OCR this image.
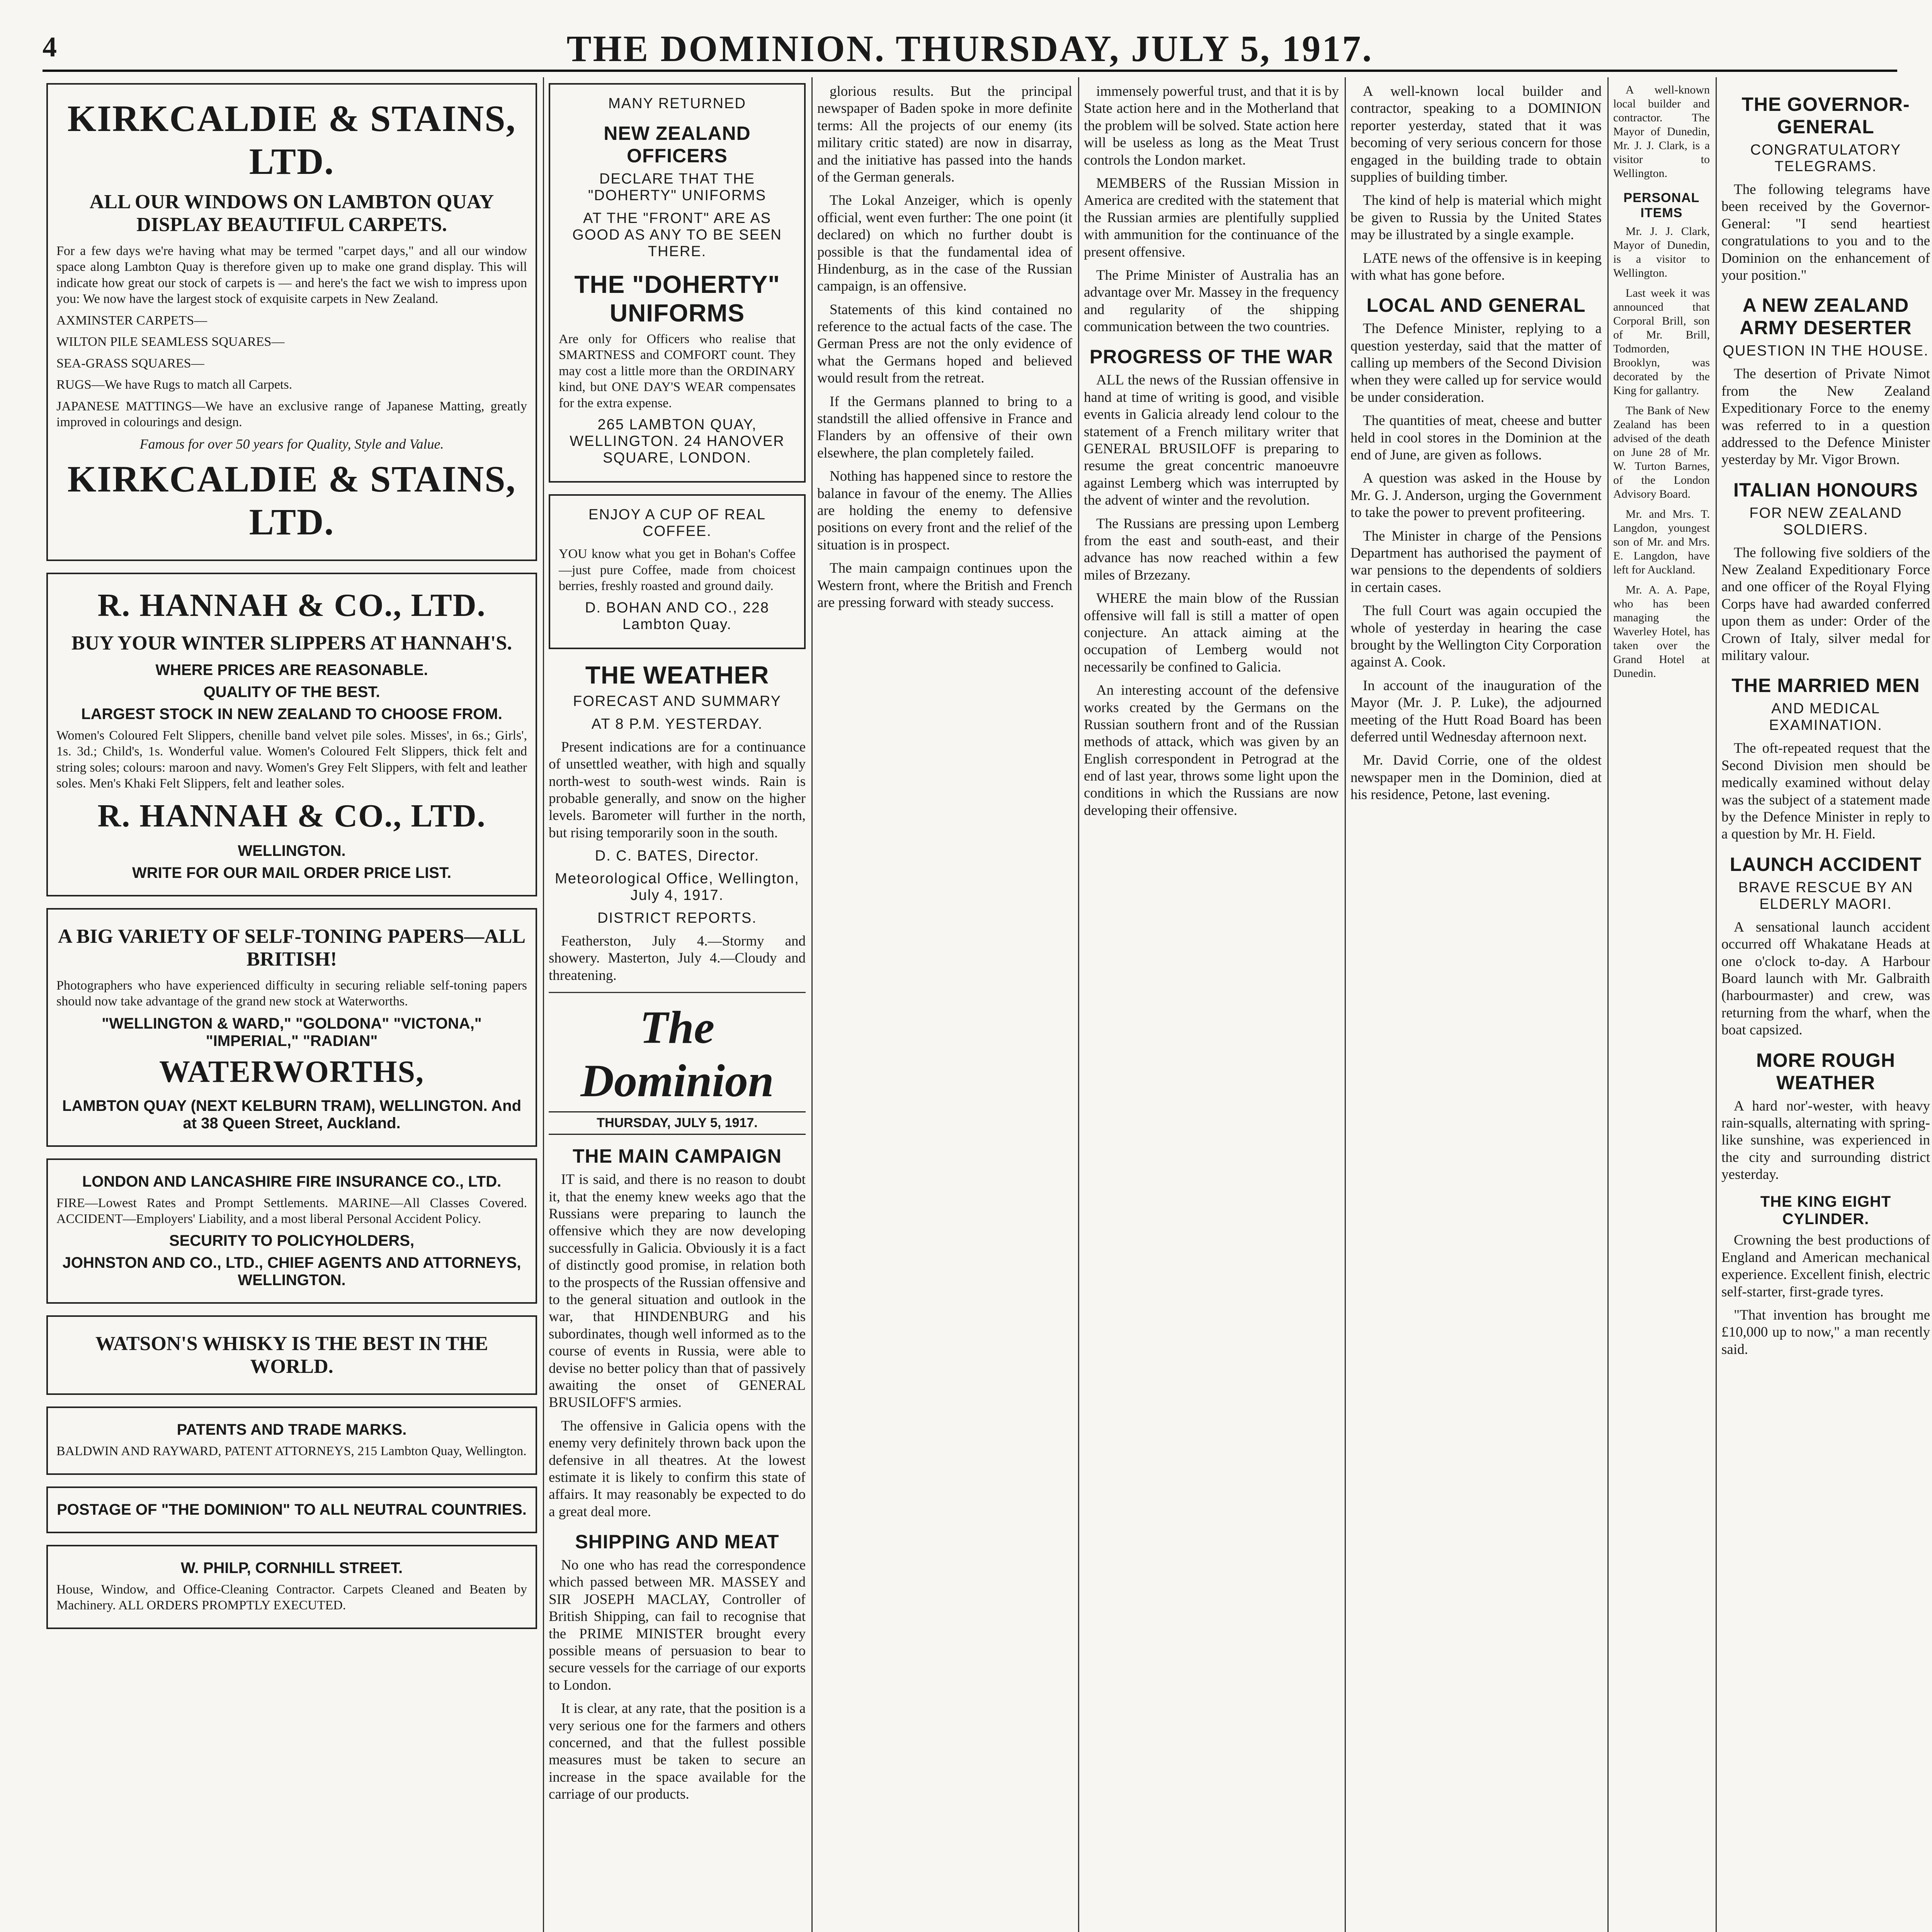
4	THE DOMINION. THURSDAY, JULY 5, 1917.
KIRKCALDIE & STAINS, LTD.
ALL OUR WINDOWS ON LAMBTON QUAY DISPLAY BEAUTIFUL CARPETS.

For a few days we're having what may be termed "carpet days," and all our window space along Lambton Quay is therefore given up to make one grand display. This will indicate how great our stock of carpets is — and here's the fact we wish to impress upon you: We now have the largest stock of exquisite carpets in New Zealand.

AXMINSTER CARPETS—

WILTON PILE SEAMLESS SQUARES—

SEA-GRASS SQUARES—

RUGS—We have Rugs to match all Carpets.

JAPANESE MATTINGS—We have an exclusive range of Japanese Matting, greatly improved in colourings and design.

Famous for over 50 years for Quality, Style and Value.
KIRKCALDIE & STAINS, LTD.
R. HANNAH & CO., LTD.
BUY YOUR WINTER SLIPPERS AT HANNAH'S.
WHERE PRICES ARE REASONABLE.
QUALITY OF THE BEST.
LARGEST STOCK IN NEW ZEALAND TO CHOOSE FROM.

Women's Coloured Felt Slippers, chenille band velvet pile soles. Misses', in 6s.; Girls', 1s. 3d.; Child's, 1s. Wonderful value. Women's Coloured Felt Slippers, thick felt and string soles; colours: maroon and navy. Women's Grey Felt Slippers, with felt and leather soles. Men's Khaki Felt Slippers, felt and leather soles.

R. HANNAH & CO., LTD.
WELLINGTON.
WRITE FOR OUR MAIL ORDER PRICE LIST.
A BIG VARIETY OF SELF-TONING PAPERS—ALL BRITISH!

Photographers who have experienced difficulty in securing reliable self-toning papers should now take advantage of the grand new stock at Waterworths.

"WELLINGTON & WARD," "GOLDONA" "VICTONA," "IMPERIAL," "RADIAN"
WATERWORTHS,
LAMBTON QUAY (NEXT KELBURN TRAM), WELLINGTON. And at 38 Queen Street, Auckland.
LONDON AND LANCASHIRE FIRE INSURANCE CO., LTD.

FIRE—Lowest Rates and Prompt Settlements. MARINE—All Classes Covered. ACCIDENT—Employers' Liability, and a most liberal Personal Accident Policy.

SECURITY TO POLICYHOLDERS,
JOHNSTON AND CO., LTD., CHIEF AGENTS AND ATTORNEYS, WELLINGTON.
WATSON'S WHISKY IS THE BEST IN THE WORLD.
PATENTS AND TRADE MARKS.

BALDWIN AND RAYWARD, PATENT ATTORNEYS, 215 Lambton Quay, Wellington.

POSTAGE OF "THE DOMINION" TO ALL NEUTRAL COUNTRIES.
W. PHILP, CORNHILL STREET.

House, Window, and Office-Cleaning Contractor. Carpets Cleaned and Beaten by Machinery. ALL ORDERS PROMPTLY EXECUTED.

MANY RETURNED
NEW ZEALAND OFFICERS
DECLARE THAT THE "DOHERTY" UNIFORMS
AT THE "FRONT" ARE AS GOOD AS ANY TO BE SEEN THERE.
THE "DOHERTY" UNIFORMS

Are only for Officers who realise that SMARTNESS and COMFORT count. They may cost a little more than the ORDINARY kind, but ONE DAY'S WEAR compensates for the extra expense.

265 LAMBTON QUAY, WELLINGTON. 24 HANOVER SQUARE, LONDON.
ENJOY A CUP OF REAL COFFEE.

YOU know what you get in Bohan's Coffee—just pure Coffee, made from choicest berries, freshly roasted and ground daily.

D. BOHAN AND CO., 228 Lambton Quay.
THE WEATHER
FORECAST AND SUMMARY
AT 8 P.M. YESTERDAY.

Present indications are for a continuance of unsettled weather, with high and squally north-west to south-west winds. Rain is probable generally, and snow on the higher levels. Barometer will further in the north, but rising temporarily soon in the south.

D. C. BATES, Director.
Meteorological Office, Wellington, July 4, 1917.
DISTRICT REPORTS.

Featherston, July 4.—Stormy and showery. Masterton, July 4.—Cloudy and threatening.

The Dominion
THURSDAY, JULY 5, 1917.
THE MAIN CAMPAIGN

IT is said, and there is no reason to doubt it, that the enemy knew weeks ago that the Russians were preparing to launch the offensive which they are now developing successfully in Galicia. Obviously it is a fact of distinctly good promise, in relation both to the prospects of the Russian offensive and to the general situation and outlook in the war, that HINDENBURG and his subordinates, though well informed as to the course of events in Russia, were able to devise no better policy than that of passively awaiting the onset of GENERAL BRUSILOFF'S armies.

The offensive in Galicia opens with the enemy very definitely thrown back upon the defensive in all theatres. At the lowest estimate it is likely to confirm this state of affairs. It may reasonably be expected to do a great deal more.

SHIPPING AND MEAT

No one who has read the correspondence which passed between MR. MASSEY and SIR JOSEPH MACLAY, Controller of British Shipping, can fail to recognise that the PRIME MINISTER brought every possible means of persuasion to bear to secure vessels for the carriage of our exports to London.

It is clear, at any rate, that the position is a very serious one for the farmers and others concerned, and that the fullest possible measures must be taken to secure an increase in the space available for the carriage of our products.

glorious results. But the principal newspaper of Baden spoke in more definite terms: All the projects of our enemy (its military critic stated) are now in disarray, and the initiative has passed into the hands of the German generals.

The Lokal Anzeiger, which is openly official, went even further: The one point (it declared) on which no further doubt is possible is that the fundamental idea of Hindenburg, as in the case of the Russian campaign, is an offensive.

Statements of this kind contained no reference to the actual facts of the case. The German Press are not the only evidence of what the Germans hoped and believed would result from the retreat.

If the Germans planned to bring to a standstill the allied offensive in France and Flanders by an offensive of their own elsewhere, the plan completely failed.

Nothing has happened since to restore the balance in favour of the enemy. The Allies are holding the enemy to defensive positions on every front and the relief of the situation is in prospect.

The main campaign continues upon the Western front, where the British and French are pressing forward with steady success.

immensely powerful trust, and that it is by State action here and in the Motherland that the problem will be solved. State action here will be useless as long as the Meat Trust controls the London market.

MEMBERS of the Russian Mission in America are credited with the statement that the Russian armies are plentifully supplied with ammunition for the continuance of the present offensive.

The Prime Minister of Australia has an advantage over Mr. Massey in the frequency and regularity of the shipping communication between the two countries.

PROGRESS OF THE WAR

ALL the news of the Russian offensive in hand at time of writing is good, and visible events in Galicia already lend colour to the statement of a French military writer that GENERAL BRUSILOFF is preparing to resume the great concentric manoeuvre against Lemberg which was interrupted by the advent of winter and the revolution.

The Russians are pressing upon Lemberg from the east and south-east, and their advance has now reached within a few miles of Brzezany.

WHERE the main blow of the Russian offensive will fall is still a matter of open conjecture. An attack aiming at the occupation of Lemberg would not necessarily be confined to Galicia.

An interesting account of the defensive works created by the Germans on the Russian southern front and of the Russian methods of attack, which was given by an English correspondent in Petrograd at the end of last year, throws some light upon the conditions in which the Russians are now developing their offensive.

A well-known local builder and contractor, speaking to a DOMINION reporter yesterday, stated that it was becoming of very serious concern for those engaged in the building trade to obtain supplies of building timber.

The kind of help is material which might be given to Russia by the United States may be illustrated by a single example.

LATE news of the offensive is in keeping with what has gone before.

LOCAL AND GENERAL

The Defence Minister, replying to a question yesterday, said that the matter of calling up members of the Second Division when they were called up for service would be under consideration.

The quantities of meat, cheese and butter held in cool stores in the Dominion at the end of June, are given as follows.

A question was asked in the House by Mr. G. J. Anderson, urging the Government to take the power to prevent profiteering.

The Minister in charge of the Pensions Department has authorised the payment of war pensions to the dependents of soldiers in certain cases.

The full Court was again occupied the whole of yesterday in hearing the case brought by the Wellington City Corporation against A. Cook.

In account of the inauguration of the Mayor (Mr. J. P. Luke), the adjourned meeting of the Hutt Road Board has been deferred until Wednesday afternoon next.

Mr. David Corrie, one of the oldest newspaper men in the Dominion, died at his residence, Petone, last evening.

A well-known local builder and contractor. The Mayor of Dunedin, Mr. J. J. Clark, is a visitor to Wellington.

PERSONAL ITEMS

Mr. J. J. Clark, Mayor of Dunedin, is a visitor to Wellington.

Last week it was announced that Corporal Brill, son of Mr. Brill, Todmorden, Brooklyn, was decorated by the King for gallantry.

The Bank of New Zealand has been advised of the death on June 28 of Mr. W. Turton Barnes, of the London Advisory Board.

Mr. and Mrs. T. Langdon, youngest son of Mr. and Mrs. E. Langdon, have left for Auckland.

Mr. A. A. Pape, who has been managing the Waverley Hotel, has taken over the Grand Hotel at Dunedin.

THE GOVERNOR-GENERAL
CONGRATULATORY TELEGRAMS.

The following telegrams have been received by the Governor-General: "I send heartiest congratulations to you and to the Dominion on the enhancement of your position."

A NEW ZEALAND ARMY DESERTER
QUESTION IN THE HOUSE.

The desertion of Private Nimot from the New Zealand Expeditionary Force to the enemy was referred to in a question addressed to the Defence Minister yesterday by Mr. Vigor Brown.

ITALIAN HONOURS
FOR NEW ZEALAND SOLDIERS.

The following five soldiers of the New Zealand Expeditionary Force and one officer of the Royal Flying Corps have had awarded conferred upon them as under: Order of the Crown of Italy, silver medal for military valour.

THE MARRIED MEN
AND MEDICAL EXAMINATION.

The oft-repeated request that the Second Division men should be medically examined without delay was the subject of a statement made by the Defence Minister in reply to a question by Mr. H. Field.

LAUNCH ACCIDENT
BRAVE RESCUE BY AN ELDERLY MAORI.

A sensational launch accident occurred off Whakatane Heads at one o'clock to-day. A Harbour Board launch with Mr. Galbraith (harbourmaster) and crew, was returning from the wharf, when the boat capsized.

MORE ROUGH WEATHER

A hard nor'-wester, with heavy rain-squalls, alternating with spring-like sunshine, was experienced in the city and surrounding district yesterday.

THE KING EIGHT CYLINDER.

Crowning the best productions of England and American mechanical experience. Excellent finish, electric self-starter, first-grade tyres.

"That invention has brought me £10,000 up to now," a man recently said.
